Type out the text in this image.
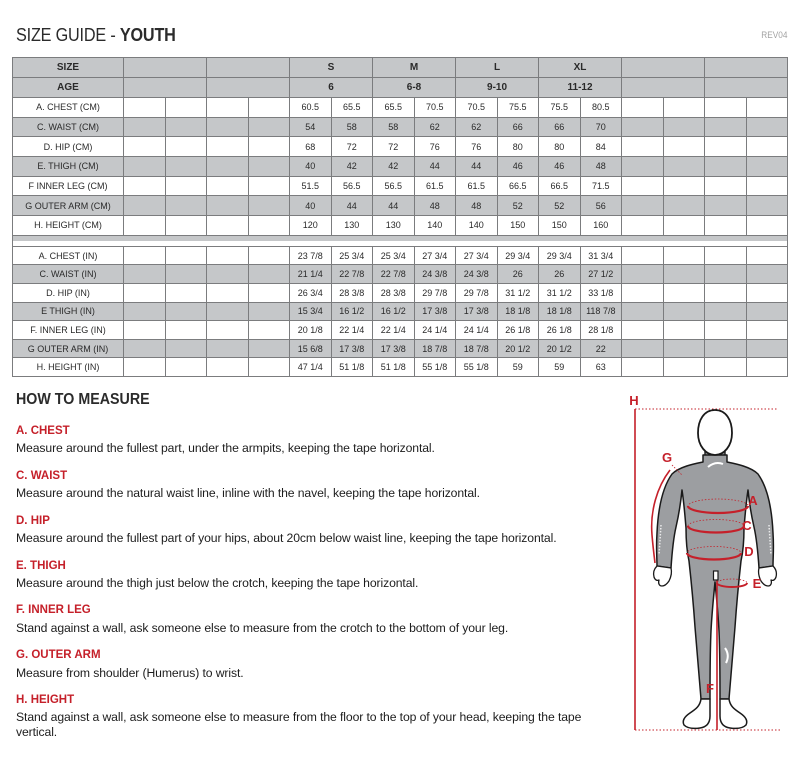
SIZE GUIDE - YOUTH	REV04
SIZE					S		M		L		XL					
AGE					6		6-8		9-10		11-12					
A. CHEST (CM)					60.5	65.5	65.5	70.5	70.5	75.5	75.5	80.5				
C. WAIST (CM)					54	58	58	62	62	66	66	70				
D. HIP (CM)					68	72	72	76	76	80	80	84				
E. THIGH (CM)					40	42	42	44	44	46	46	48				
F INNER LEG (CM)					51.5	56.5	56.5	61.5	61.5	66.5	66.5	71.5				
G OUTER ARM (CM)					40	44	44	48	48	52	52	56				
H. HEIGHT (CM)					120	130	130	140	140	150	150	160				

A. CHEST (IN)					23 7/8	25 3/4	25 3/4	27 3/4	27 3/4	29 3/4	29 3/4	31 3/4				
C. WAIST (IN)					21 1/4	22 7/8	22 7/8	24 3/8	24 3/8	26	26	27 1/2				
D. HIP (IN)					26 3/4	28 3/8	28 3/8	29 7/8	29 7/8	31 1/2	31 1/2	33 1/8				
E THIGH (IN)					15 3/4	16 1/2	16 1/2	17 3/8	17 3/8	18 1/8	18 1/8	118 7/8				
F. INNER LEG (IN)					20 1/8	22 1/4	22 1/4	24 1/4	24 1/4	26 1/8	26 1/8	28 1/8				
G OUTER ARM (IN)					15 6/8	17 3/8	17 3/8	18 7/8	18 7/8	20 1/2	20 1/2	22				
H. HEIGHT (IN)					47 1/4	51 1/8	51 1/8	55 1/8	55 1/8	59	59	63				
HOW TO MEASURE

A. CHEST

Measure around the fullest part, under the armpits, keeping the tape horizontal.

C. WAIST

Measure around the natural waist line, inline with the navel, keeping the tape horizontal.

D. HIP

Measure around the fullest part of your hips, about 20cm below waist line, keeping the tape horizontal.

E. THIGH

Measure around the thigh just below the crotch, keeping the tape horizontal.

F. INNER LEG

Stand against a wall, ask someone else to measure from the crotch to the bottom of your leg.

G. OUTER ARM

Measure from shoulder (Humerus) to wrist.

H. HEIGHT

Stand against a wall, ask someone else to measure from the floor to the top of your head, keeping the tape vertical.

H
G
A
C
D
E
F
